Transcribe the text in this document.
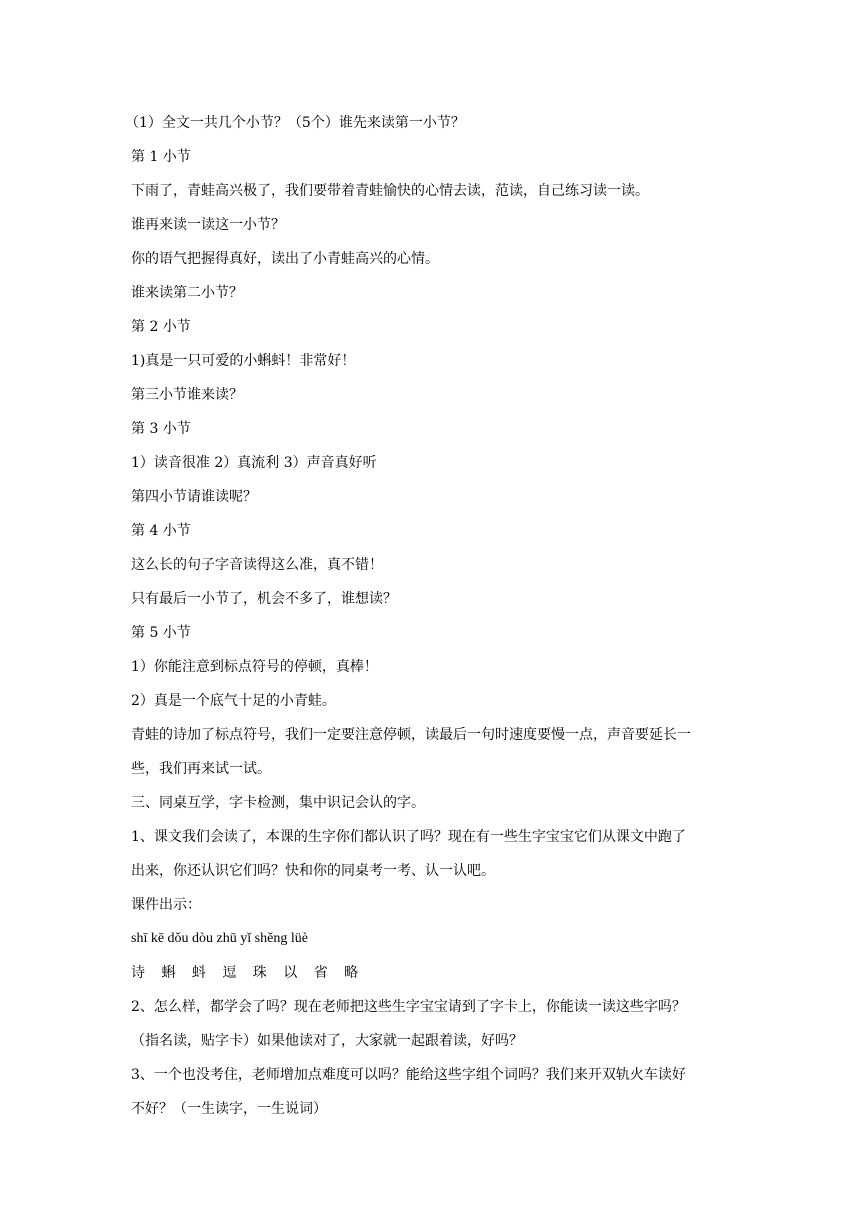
（1）全文一共几个小节？（5个）谁先来读第一小节？
第 1 小节
下雨了，青蛙高兴极了，我们要带着青蛙愉快的心情去读，范读，自己练习读一读。
谁再来读一读这一小节？
你的语气把握得真好，读出了小青蛙高兴的心情。
谁来读第二小节？
第 2 小节
1)真是一只可爱的小蝌蚪！非常好！
第三小节谁来读？
第 3 小节
1）读音很准 2）真流利 3）声音真好听
第四小节请谁读呢？
第 4 小节
这么长的句子字音读得这么准，真不错！
只有最后一小节了，机会不多了，谁想读？
第 5 小节
1）你能注意到标点符号的停顿，真棒！
2）真是一个底气十足的小青蛙。
青蛙的诗加了标点符号，我们一定要注意停顿，读最后一句时速度要慢一点，声音要延长一
些，我们再来试一试。
三、同桌互学，字卡检测，集中识记会认的字。
1、课文我们会读了，本课的生字你们都认识了吗？现在有一些生字宝宝它们从课文中跑了
出来，你还认识它们吗？快和你的同桌考一考、认一认吧。
课件出示：
shī kē dǒu dòu zhū yǐ shěng lüè
诗 蝌 蚪 逗 珠 以 省 略
2、怎么样，都学会了吗？现在老师把这些生字宝宝请到了字卡上，你能读一读这些字吗？
（指名读，贴字卡）如果他读对了，大家就一起跟着读，好吗？
3、一个也没考住，老师增加点难度可以吗？能给这些字组个词吗？我们来开双轨火车读好
不好？（一生读字，一生说词）
